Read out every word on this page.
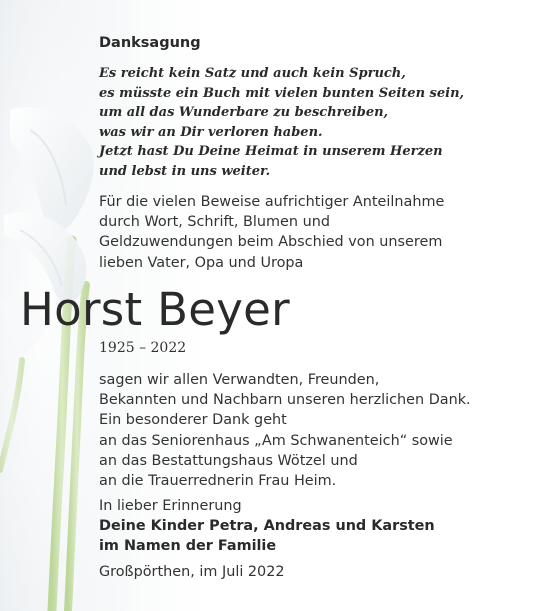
Danksagung
Es reicht kein Satz und auch kein Spruch,
es müsste ein Buch mit vielen bunten Seiten sein,
um all das Wunderbare zu beschreiben,
was wir an Dir verloren haben.
Jetzt hast Du Deine Heimat in unserem Herzen
und lebst in uns weiter.
Für die vielen Beweise aufrichtiger Anteilnahme
durch Wort, Schrift, Blumen und
Geldzuwendungen beim Abschied von unserem
lieben Vater, Opa und Uropa
sagen wir allen Verwandten, Freunden,
Bekannten und Nachbarn unseren herzlichen Dank.
Ein besonderer Dank geht
an das Seniorenhaus „Am Schwanenteich“ sowie
an das Bestattungshaus Wötzel und
an die Trauerrednerin Frau Heim.
In lieber Erinnerung
Deine Kinder Petra, Andreas und Karsten
im Namen der Familie
Großpörthen, im Juli 2022
Horst Beyer
1925 – 2022
